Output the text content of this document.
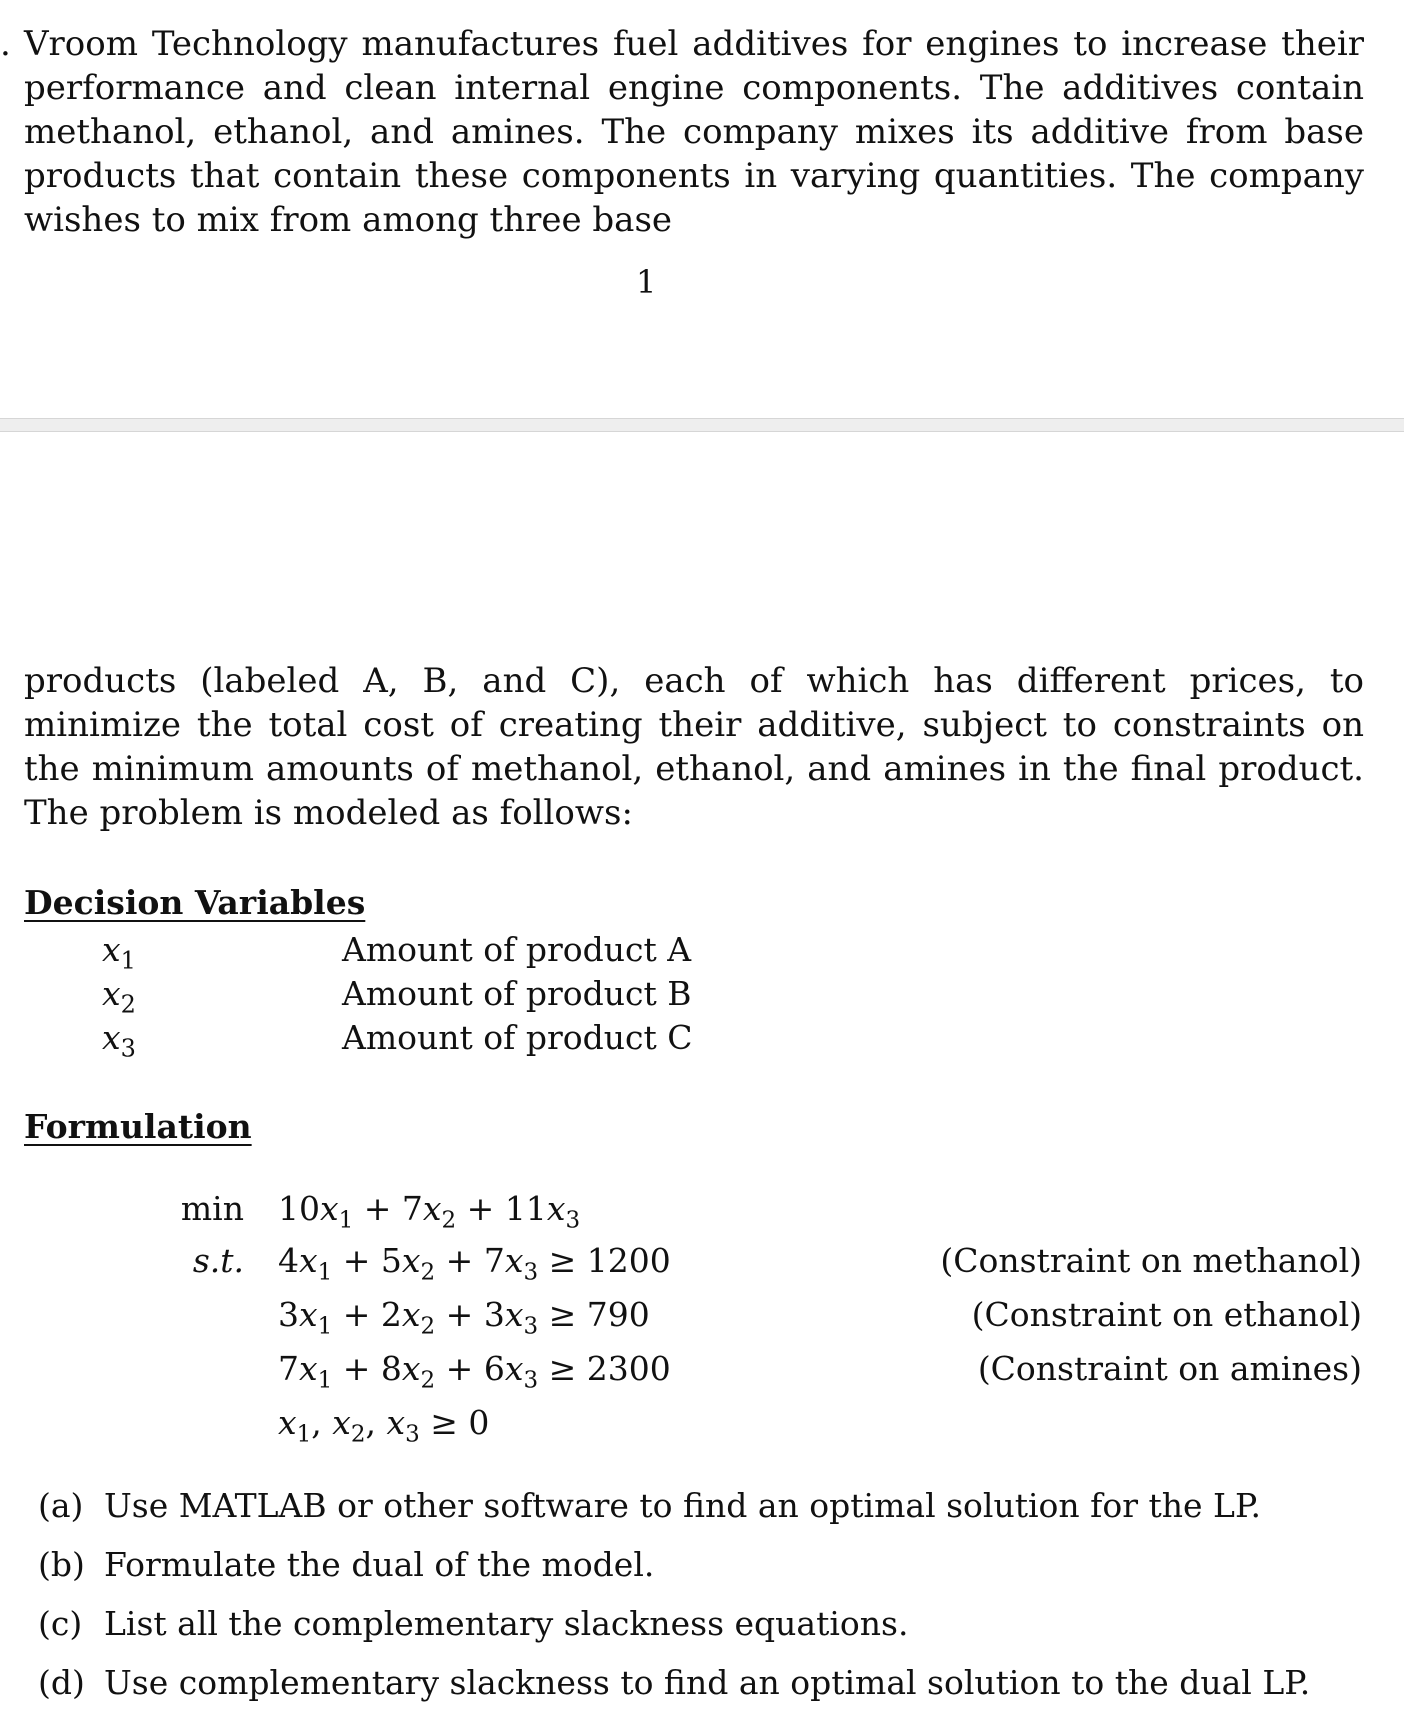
. Vroom Technology manufactures fuel additives for engines to increase their performance and clean internal engine components. The additives contain methanol, ethanol, and amines. The company mixes its additive from base products that contain these components in varying quantities. The company wishes to mix from among three base

1

products (labeled A, B, and C), each of which has different prices, to minimize the total cost of creating their additive, subject to constraints on the minimum amounts of methanol, ethanol, and amines in the final product. The problem is modeled as follows:

Decision Variables
$x_1$	Amount of product A
$x_2$	Amount of product B
$x_3$	Amount of product C
Formulation
$\min 10x_1 + 7x_2 + 11x_3$
s.t. $4x_1 + 5x_2 + 7x_3 \ge 1200$	(Constraint on methanol)
$3x_1 + 2x_2 + 3x_3 \ge 790$	(Constraint on ethanol)
$7x_1 + 8x_2 + 6x_3 \ge 2300$	(Constraint on amines)
$x_1$, $x_2$, $x_3 \ge 0$
(a) Use MATLAB or other software to find an optimal solution for the LP.
(b) Formulate the dual of the model.
(c) List all the complementary slackness equations.
(d) Use complementary slackness to find an optimal solution to the dual LP.
